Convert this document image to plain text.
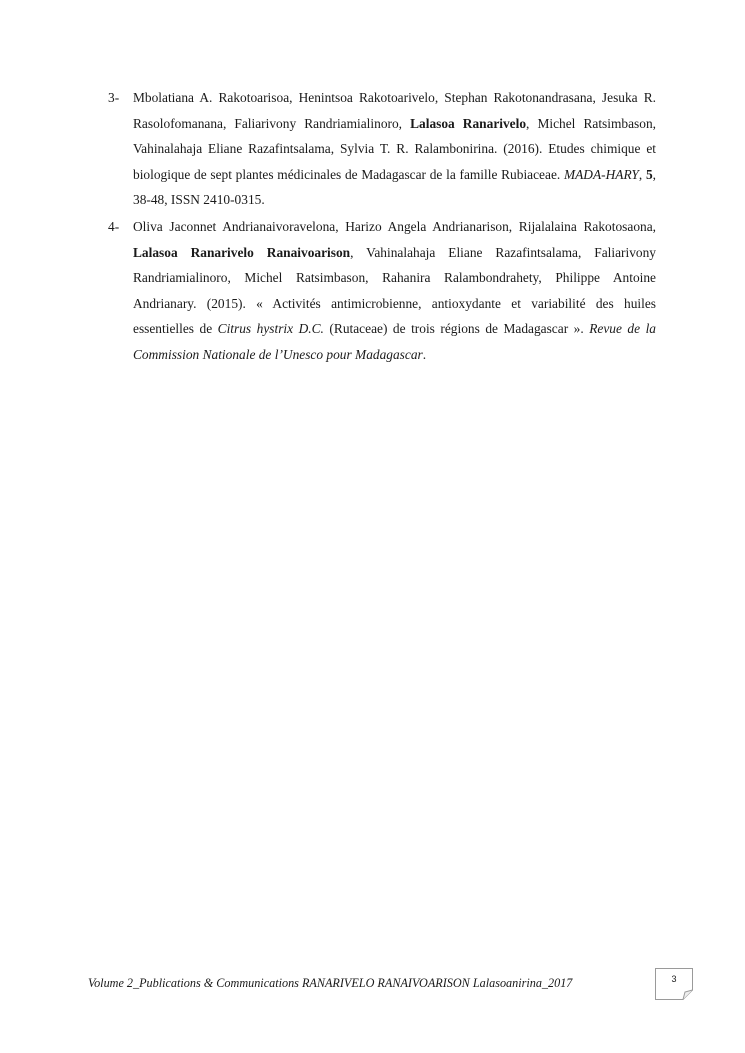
3- Mbolatiana A. Rakotoarisoa, Henintsoa Rakotoarivelo, Stephan Rakotonandrasana, Jesuka R. Rasolofomanana, Faliarivony Randriamialinoro, Lalasoa Ranarivelo, Michel Ratsimbason, Vahinalahaja Eliane Razafintsalama, Sylvia T. R. Ralambonirina. (2016). Etudes chimique et biologique de sept plantes médicinales de Madagascar de la famille Rubiaceae. MADA-HARY, 5, 38-48, ISSN 2410-0315.
4- Oliva Jaconnet Andrianaivoravelona, Harizo Angela Andrianarison, Rijalalaina Rakotosaona, Lalasoa Ranarivelo Ranaivoarison, Vahinalahaja Eliane Razafintsalama, Faliarivony Randriamialinoro, Michel Ratsimbason, Rahanira Ralambondrahety, Philippe Antoine Andrianary. (2015). « Activités antimicrobienne, antioxydante et variabilité des huiles essentielles de Citrus hystrix D.C. (Rutaceae) de trois régions de Madagascar ». Revue de la Commission Nationale de l’Unesco pour Madagascar.
Volume 2_Publications & Communications RANARIVELO RANAIVOARISON Lalasoanirina_2017	3
